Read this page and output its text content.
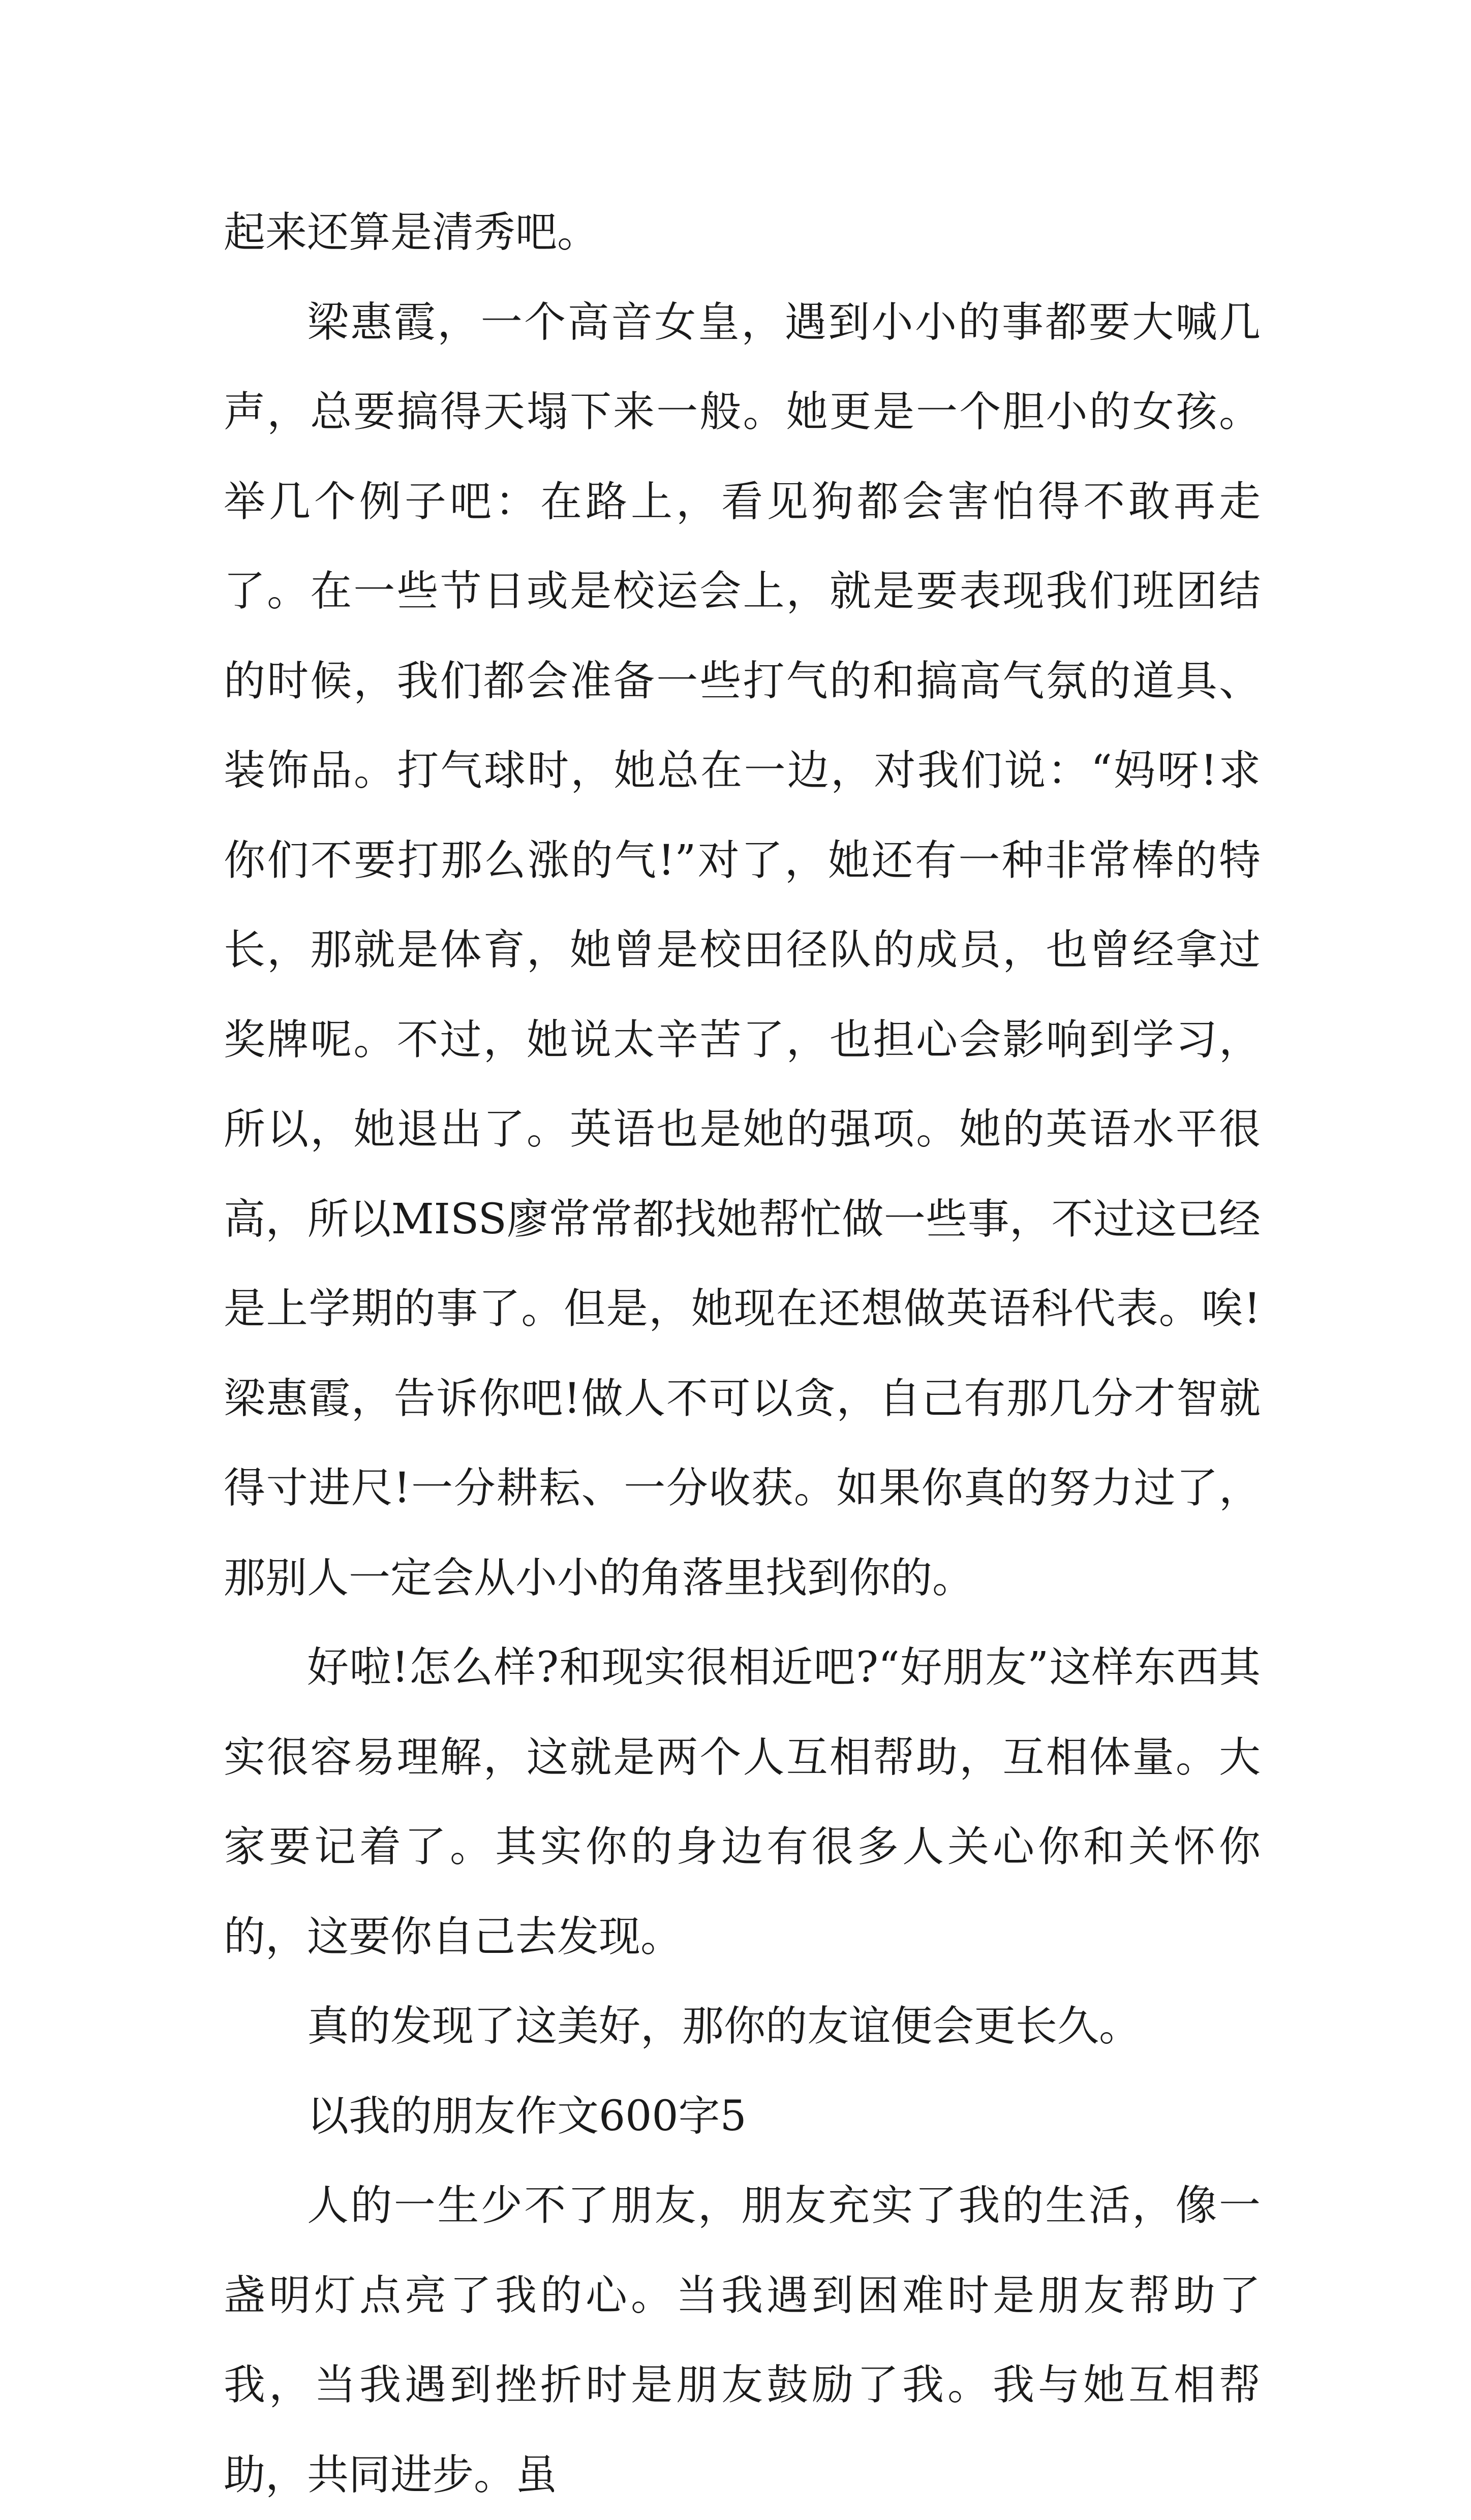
起来还算是清秀吧。

梁惠霞，一个高音女皇，遇到小小的事都要大喊几声，总要搞得天塌下来一般。她更是一个胆小的女孩。举几个例子吧：在路上，看见狗都会害怕得不敢再走了。在一些节日或是校运会上，就是要表现我们班团结的时候，我们都会准备一些打气的和搞高气氛的道具、装饰品。打气球时，她总在一边，对我们说：“妈呀!求你们不要打那么涨的气!”对了，她还有一种非常棒的特长，那就是体育，她曾是校田径队的成员，也曾经拿过奖牌呢。不过，她说太辛苦了，也担心会影响到学习，所以，她退出了。英语也是她的强项。她的英语水平很高，所以MISS廖常常都找她帮忙做一些事，不过这已经是上学期的事了。但是，她现在还想做英语科代表。唉!梁惠霞，告诉你吧!做人不可以贪，自己有那几分才智就得寸进尺!一分耕耘、一分收获。如果你真的努力过了，那别人一定会从小小的角落里找到你的。

好啦!怎么样?和现实很相近吧?“好朋友”这样东西其实很容易理解，这就是两个人互相帮助，互相体量。大家要记着了。其实你的身边有很多人关心你和关怀你的，这要你自己去发现。

真的发现了这美好，那你的友谊便会更长久。

以我的朋友作文600字5

人的一生少不了朋友，朋友充实了我的生活，像一盏明灯点亮了我的心。当我遇到困难时是朋友帮助了我，当我遇到挫折时是朋友鼓励了我。我与她互相帮助，共同进步。虽
